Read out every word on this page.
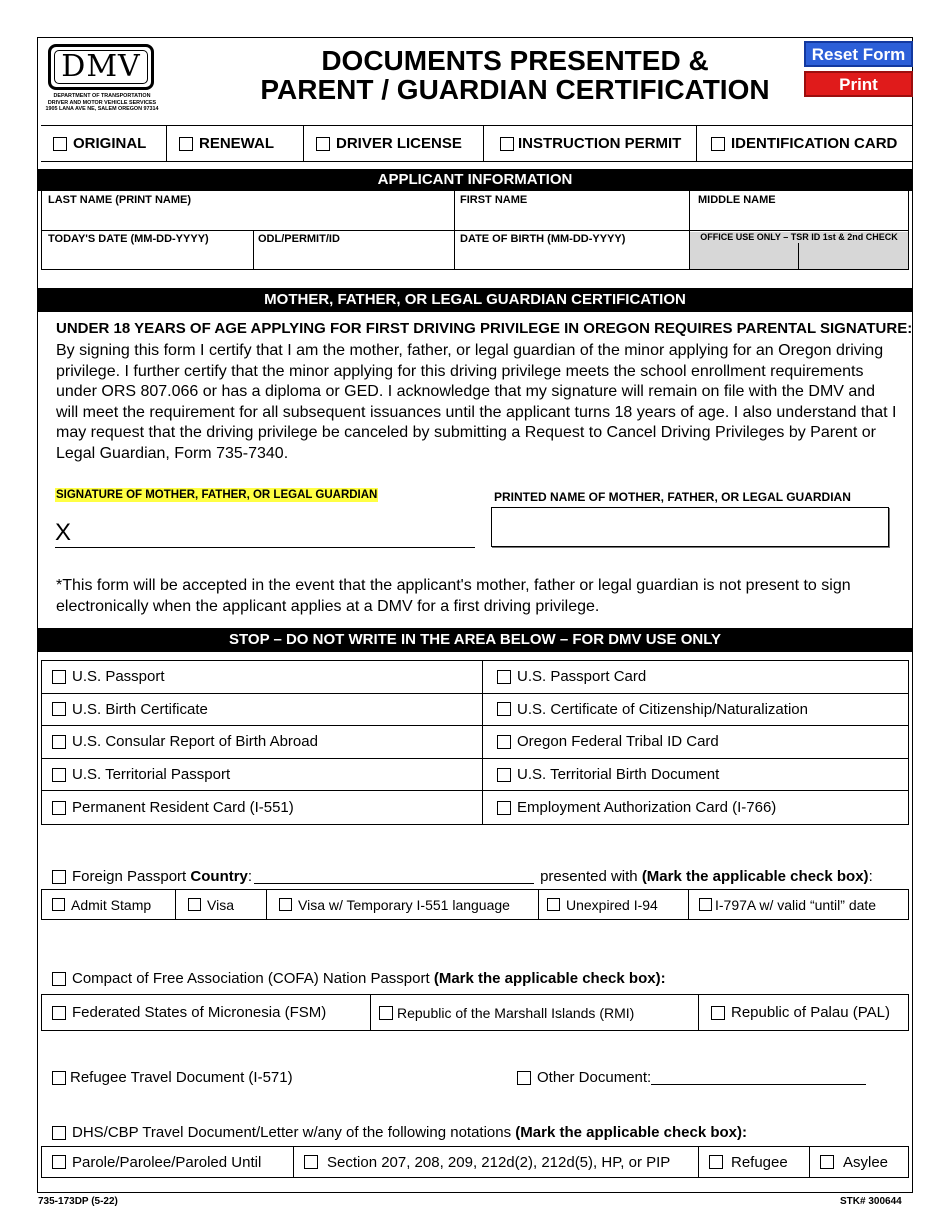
DMV
DEPARTMENT OF TRANSPORTATION
DRIVER AND MOTOR VEHICLE SERVICES
1905 LANA AVE NE, SALEM OREGON 97314
DOCUMENTS PRESENTED &
PARENT / GUARDIAN CERTIFICATION
Reset Form
Print
ORIGINAL	RENEWAL	DRIVER LICENSE	INSTRUCTION PERMIT	IDENTIFICATION CARD
APPLICANT INFORMATION
LAST NAME (PRINT NAME)	FIRST NAME	MIDDLE NAME
TODAY'S DATE (MM-DD-YYYY)	ODL/PERMIT/ID	DATE OF BIRTH (MM-DD-YYYY)	OFFICE USE ONLY – TSR ID 1st & 2nd CHECK
MOTHER, FATHER, OR LEGAL GUARDIAN CERTIFICATION
UNDER 18 YEARS OF AGE APPLYING FOR FIRST DRIVING PRIVILEGE IN OREGON REQUIRES PARENTAL SIGNATURE:
By signing this form I certify that I am the mother, father, or legal guardian of the minor applying for an Oregon driving privilege. I further certify that the minor applying for this driving privilege meets the school enrollment requirements under ORS 807.066 or has a diploma or GED. I acknowledge that my signature will remain on file with the DMV and will meet the requirement for all subsequent issuances until the applicant turns 18 years of age. I also understand that I may request that the driving privilege be canceled by submitting a Request to Cancel Driving Privileges by Parent or Legal Guardian, Form 735-7340.
SIGNATURE OF MOTHER, FATHER, OR LEGAL GUARDIAN
X
PRINTED NAME OF MOTHER, FATHER, OR LEGAL GUARDIAN
*This form will be accepted in the event that the applicant's mother, father or legal guardian is not present to sign electronically when the applicant applies at a DMV for a first driving privilege.
STOP – DO NOT WRITE IN THE AREA BELOW – FOR DMV USE ONLY
U.S. Passport	U.S. Passport Card
U.S. Birth Certificate	U.S. Certificate of Citizenship/Naturalization
U.S. Consular Report of Birth Abroad	Oregon Federal Tribal ID Card
U.S. Territorial Passport	U.S. Territorial Birth Document
Permanent Resident Card (I-551)	Employment Authorization Card (I-766)
Foreign Passport
Country :	presented with
(Mark the applicable check box) :
Admit Stamp	Visa	Visa w/ Temporary I-551 language	Unexpired I-94	I-797A w/ valid “until” date
Compact of Free Association (COFA) Nation Passport
(Mark the applicable check box):
Federated States of Micronesia (FSM)	Republic of the Marshall Islands (RMI)	Republic of Palau (PAL)
Refugee Travel Document (I-571)	Other Document:
DHS/CBP Travel Document/Letter w/any of the following notations
(Mark the applicable check box):
Parole/Parolee/Paroled Until	Section 207, 208, 209, 212d(2), 212d(5), HP, or PIP	Refugee	Asylee
735-173DP (5-22)	STK# 300644
